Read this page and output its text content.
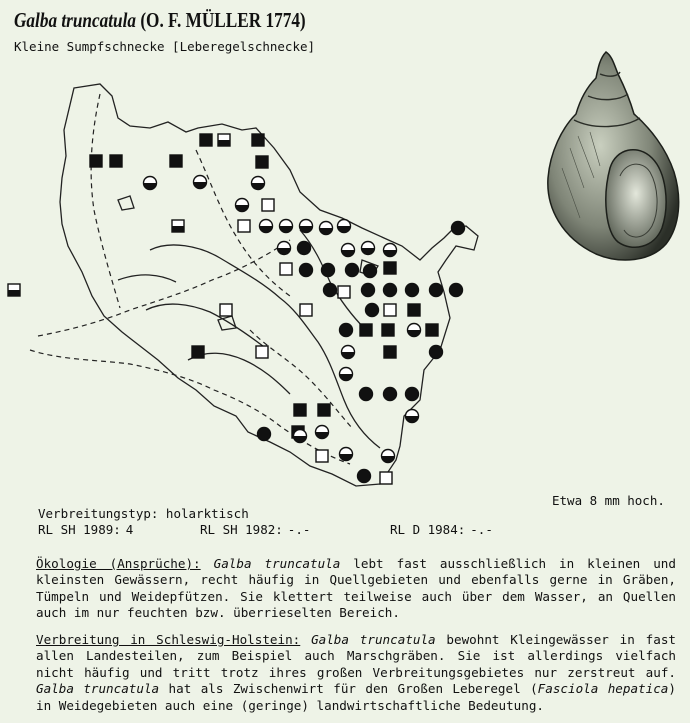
Galba truncatula (O. F. MÜLLER 1774)
Kleine Sumpfschnecke [Leberegelschnecke]
Etwa 8 mm hoch.
Verbreitungstyp: holarktisch
RL SH 1989: 4	RL SH 1982: -.-	RL D 1984: -.-

Ökologie (Ansprüche): Galba truncatula lebt fast ausschließlich in kleinen und kleinsten Gewässern, recht häufig in Quellgebieten und ebenfalls gerne in Gräben, Tümpeln und Weidepfützen. Sie klettert teilweise auch über dem Wasser, an Quellen auch im nur feuchten bzw. überrieselten Bereich.

Verbreitung in Schleswig-Holstein: Galba truncatula bewohnt Kleingewässer in fast allen Landesteilen, zum Beispiel auch Marschgräben. Sie ist allerdings vielfach nicht häufig und tritt trotz ihres großen Verbreitungsgebietes nur zerstreut auf. Galba truncatula hat als Zwischenwirt für den Großen Leberegel (Fasciola hepatica) in Weidegebieten auch eine (geringe) landwirtschaftliche Bedeutung.
